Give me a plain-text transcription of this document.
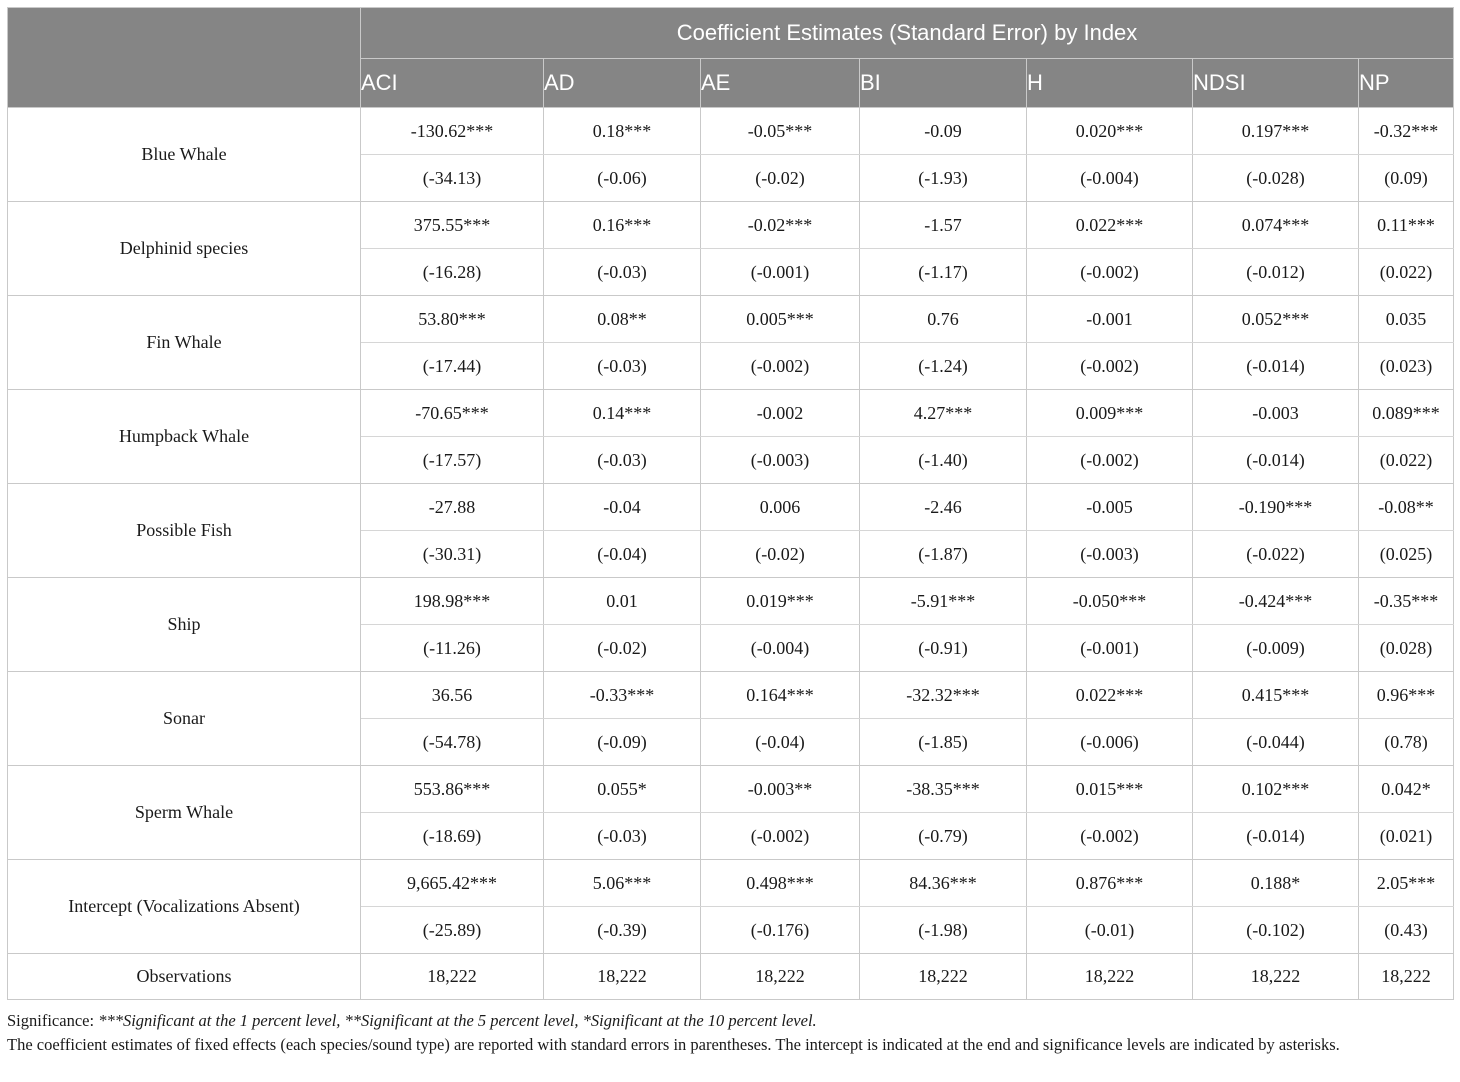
	Coefficient Estimates (Standard Error) by Index						
	ACI	AD	AE	BI	H	NDSI	NP
Blue Whale	-130.62***	0.18***	-0.05***	-0.09	0.020***	0.197***	-0.32***
	(-34.13)	(-0.06)	(-0.02)	(-1.93)	(-0.004)	(-0.028)	(0.09)
Delphinid species	375.55***	0.16***	-0.02***	-1.57	0.022***	0.074***	0.11***
	(-16.28)	(-0.03)	(-0.001)	(-1.17)	(-0.002)	(-0.012)	(0.022)
Fin Whale	53.80***	0.08**	0.005***	0.76	-0.001	0.052***	0.035
	(-17.44)	(-0.03)	(-0.002)	(-1.24)	(-0.002)	(-0.014)	(0.023)
Humpback Whale	-70.65***	0.14***	-0.002	4.27***	0.009***	-0.003	0.089***
	(-17.57)	(-0.03)	(-0.003)	(-1.40)	(-0.002)	(-0.014)	(0.022)
Possible Fish	-27.88	-0.04	0.006	-2.46	-0.005	-0.190***	-0.08**
	(-30.31)	(-0.04)	(-0.02)	(-1.87)	(-0.003)	(-0.022)	(0.025)
Ship	198.98***	0.01	0.019***	-5.91***	-0.050***	-0.424***	-0.35***
	(-11.26)	(-0.02)	(-0.004)	(-0.91)	(-0.001)	(-0.009)	(0.028)
Sonar	36.56	-0.33***	0.164***	-32.32***	0.022***	0.415***	0.96***
	(-54.78)	(-0.09)	(-0.04)	(-1.85)	(-0.006)	(-0.044)	(0.78)
Sperm Whale	553.86***	0.055*	-0.003**	-38.35***	0.015***	0.102***	0.042*
	(-18.69)	(-0.03)	(-0.002)	(-0.79)	(-0.002)	(-0.014)	(0.021)
Intercept (Vocalizations Absent)	9,665.42***	5.06***	0.498***	84.36***	0.876***	0.188*	2.05***
	(-25.89)	(-0.39)	(-0.176)	(-1.98)	(-0.01)	(-0.102)	(0.43)
Observations	18,222	18,222	18,222	18,222	18,222	18,222	18,222

Significance: ***Significant at the 1 percent level, **Significant at the 5 percent level, *Significant at the 10 percent level.

The coefficient estimates of fixed effects (each species/sound type) are reported with standard errors in parentheses. The intercept is indicated at the end and significance levels are indicated by asterisks.
